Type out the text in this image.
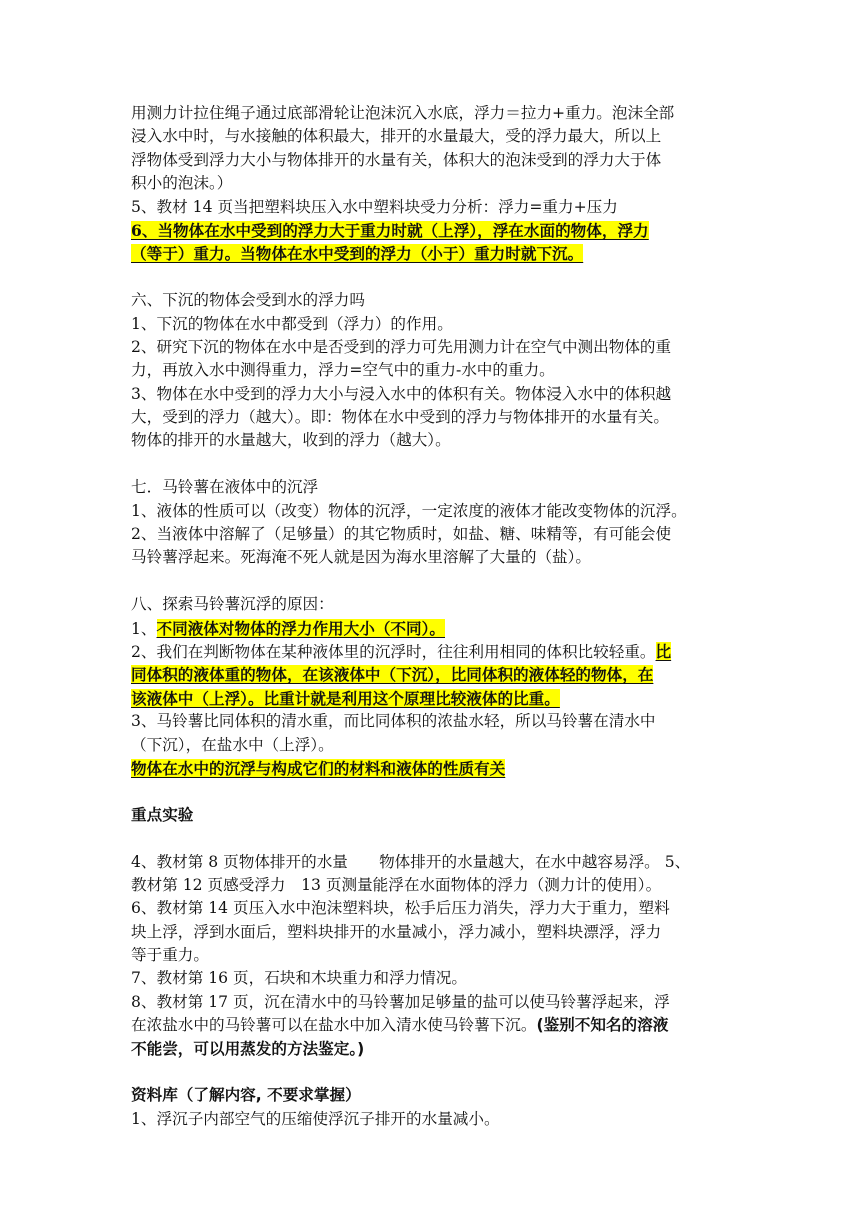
用测力计拉住绳子通过底部滑轮让泡沫沉入水底，浮力＝拉力+重力。泡沫全部
浸入水中时，与水接触的体积最大，排开的水量最大，受的浮力最大，所以上
浮物体受到浮力大小与物体排开的水量有关，体积大的泡沫受到的浮力大于体
积小的泡沫。）
5、教材 14 页当把塑料块压入水中塑料块受力分析：浮力=重力+压力
6、当物体在水中受到的浮力大于重力时就（上浮），浮在水面的物体，浮力
（等于）重力。当物体在水中受到的浮力（小于）重力时就下沉。
六、下沉的物体会受到水的浮力吗
1、下沉的物体在水中都受到（浮力）的作用。
2、研究下沉的物体在水中是否受到的浮力可先用测力计在空气中测出物体的重
力，再放入水中测得重力，浮力=空气中的重力-水中的重力。
3、物体在水中受到的浮力大小与浸入水中的体积有关。物体浸入水中的体积越
大，受到的浮力（越大）。即：物体在水中受到的浮力与物体排开的水量有关。
物体的排开的水量越大，收到的浮力（越大）。
七．马铃薯在液体中的沉浮
1、液体的性质可以（改变）物体的沉浮，一定浓度的液体才能改变物体的沉浮。
2、当液体中溶解了（足够量）的其它物质时，如盐、糖、味精等，有可能会使
马铃薯浮起来。死海淹不死人就是因为海水里溶解了大量的（盐）。
八、探索马铃薯沉浮的原因：
1、不同液体对物体的浮力作用大小（不同）。
2、我们在判断物体在某种液体里的沉浮时，往往利用相同的体积比较轻重。比
同体积的液体重的物体，在该液体中（下沉），比同体积的液体轻的物体，在
该液体中（上浮）。比重计就是利用这个原理比较液体的比重。
3、马铃薯比同体积的清水重，而比同体积的浓盐水轻，所以马铃薯在清水中
（下沉），在盐水中（上浮）。
物体在水中的沉浮与构成它们的材料和液体的性质有关
重点实验
4、教材第 8 页物体排开的水量　　物体排开的水量越大，在水中越容易浮。 5、
教材第 12 页感受浮力　13 页测量能浮在水面物体的浮力（测力计的使用）。
6、教材第 14 页压入水中泡沫塑料块，松手后压力消失，浮力大于重力，塑料
块上浮，浮到水面后，塑料块排开的水量减小，浮力减小，塑料块漂浮，浮力
等于重力。
7、教材第 16 页，石块和木块重力和浮力情况。
8、教材第 17 页，沉在清水中的马铃薯加足够量的盐可以使马铃薯浮起来，浮
在浓盐水中的马铃薯可以在盐水中加入清水使马铃薯下沉。(鉴别不知名的溶液
不能尝，可以用蒸发的方法鉴定。)
资料库（了解内容, 不要求掌握）
1、浮沉子内部空气的压缩使浮沉子排开的水量减小。
